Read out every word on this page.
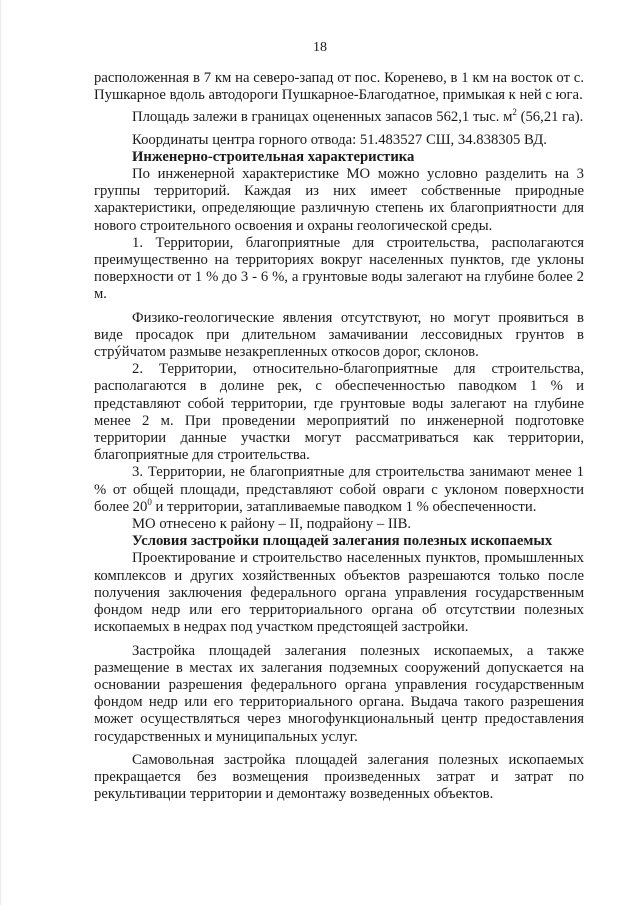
18

расположенная в 7 км на северо-запад от пос. Кореневo, в 1 км на восток от с. Пушкарное вдоль автодороги Пушкарное-Благодатное, примыкая к ней с юга.

Площадь залежи в границах оцененных запасов 562,1 тыс. $м^2$ (56,21 га).

Координаты центра горного отвода: 51.483527 СШ, 34.838305 ВД.

Инженерно-строительная характеристика

По инженерной характеристике МО можно условно разделить на 3 группы территорий. Каждая из них имеет собственные природные характеристики, определяющие различную степень их благоприятности для нового строительного освоения и охраны геологической среды.

1. Территории, благоприятные для строительства, располагаются преимущественно на территориях вокруг населенных пунктов, где уклоны поверхности от 1 % до 3 - 6 %, а грунтовые воды залегают на глубине более 2 м.

Физико-геологические явления отсутствуют, но могут проявиться в виде просадок при длительном замачивании лессовидных грунтов в стрýйчатом размыве незакрепленных откосов дорог, склонов.

2. Территории, относительно-благоприятные для строительства, располагаются в долине рек, с обеспеченностью паводком 1 % и представляют собой территории, где грунтовые воды залегают на глубине менее 2 м. При проведении мероприятий по инженерной подготовке территории данные участки могут рассматриваться как территории, благоприятные для строительства.

3. Территории, не благоприятные для строительства занимают менее 1 % от общей площади, представляют собой овраги с уклоном поверхности более $20^0$ и территории, затапливаемые паводком 1 % обеспеченности.

МО отнесено к району – II, подрайону – IIB.

Условия застройки площадей залегания полезных ископаемых

Проектирование и строительство населенных пунктов, промышленных комплексов и других хозяйственных объектов разрешаются только после получения заключения федерального органа управления государственным фондом недр или его территориального органа об отсутствии полезных ископаемых в недрах под участком предстоящей застройки.

Застройка площадей залегания полезных ископаемых, а также размещение в местах их залегания подземных сооружений допускается на основании разрешения федерального органа управления государственным фондом недр или его территориального органа. Выдача такого разрешения может осуществляться через многофункциональный центр предоставления государственных и муниципальных услуг.

Самовольная застройка площадей залегания полезных ископаемых прекращается без возмещения произведенных затрат и затрат по рекультивации территории и демонтажу возведенных объектов.
